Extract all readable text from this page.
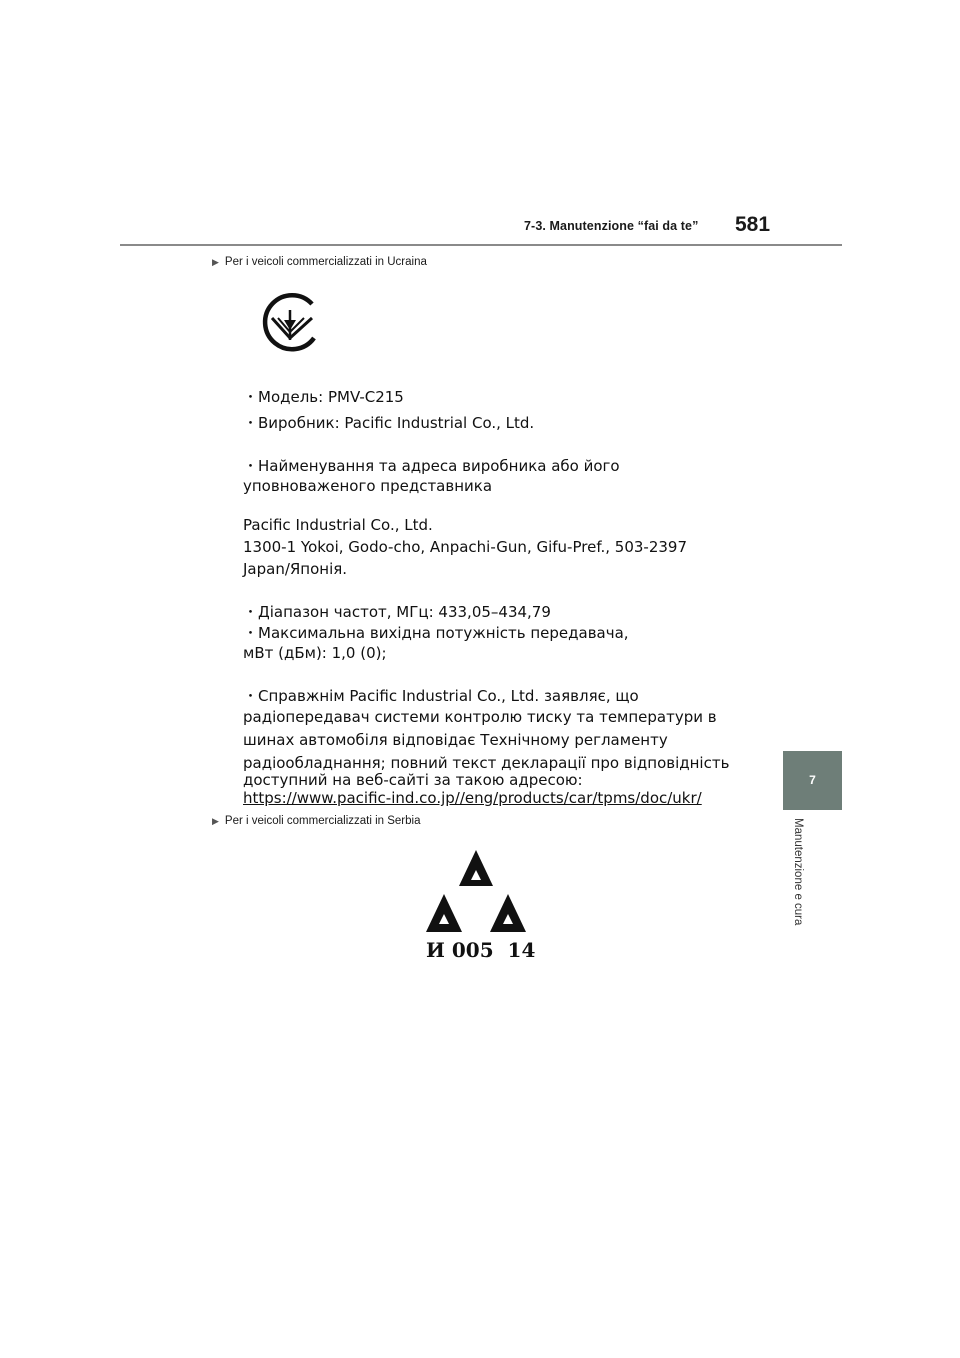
7-3. Manutenzione “fai da te” 581
7
Manutenzione e cura
▶ Per i veicoli commercializzati in Ucraina
・Модель: PMV-C215
・Виробник: Pacific Industrial Co., Ltd.
・Найменування та адреса виробника або його
уповноваженого представника
Pacific Industrial Co., Ltd.
1300-1 Yokoi, Godo-cho, Anpachi-Gun, Gifu-Pref., 503-2397
Japan/Японія.
・Діапазон частот, МГц: 433,05–434,79
・Максимальна вихідна потужність передавача,
мВт (дБм): 1,0 (0);
・Справжнім Pacific Industrial Co., Ltd. заявляє, що
радіопередавач системи контролю тиску та температури в
шинах автомобіля відповідає Технічному регламенту
радіообладнання; повний текст декларації про відповідність
доступний на веб-сайті за такою адресою:
https://www.pacific-ind.co.jp//eng/products/car/tpms/doc/ukr/
▶ Per i veicoli commercializzati in Serbia
И 005  14
